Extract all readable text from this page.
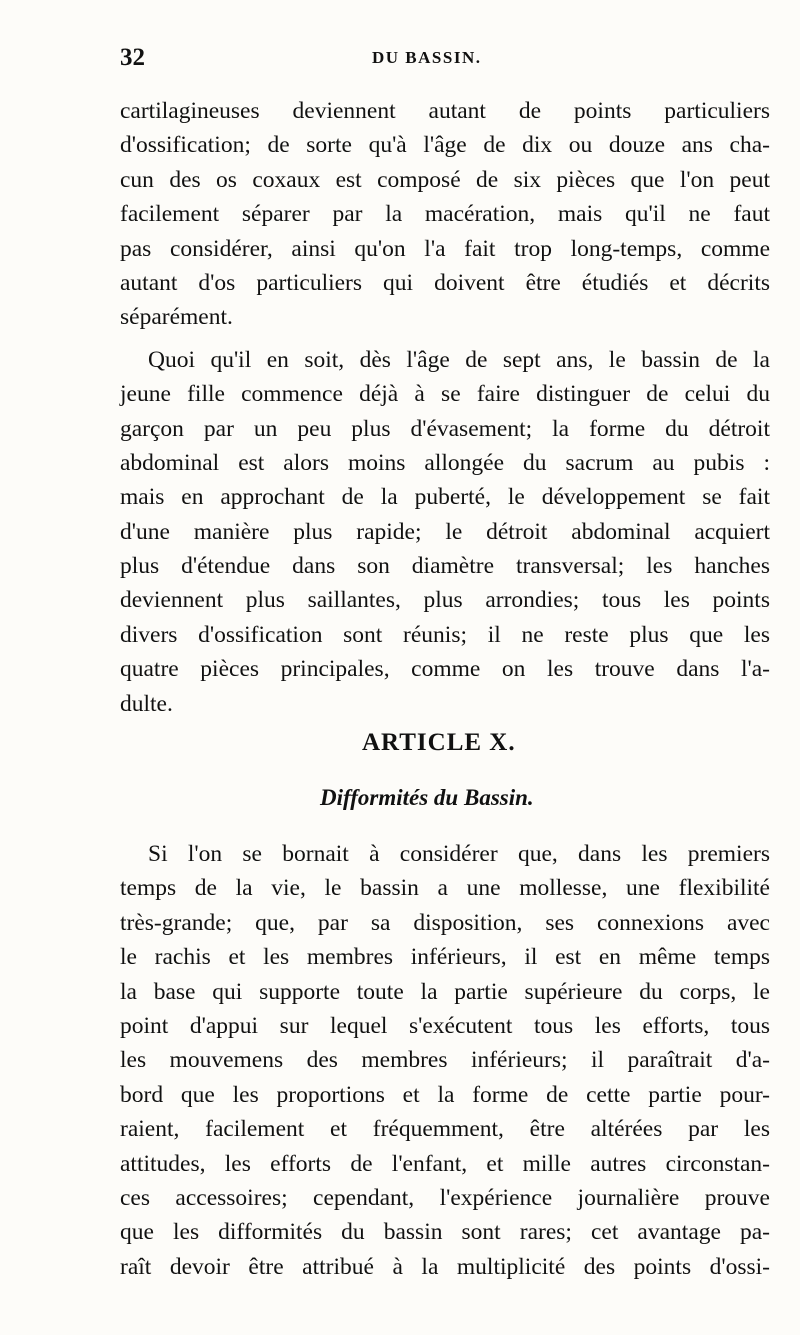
32	DU BASSIN.
cartilagineuses deviennent autant de points particuliers
d'ossification; de sorte qu'à l'âge de dix ou douze ans cha-
cun des os coxaux est composé de six pièces que l'on peut
facilement séparer par la macération, mais qu'il ne faut
pas considérer, ainsi qu'on l'a fait trop long-temps, comme
autant d'os particuliers qui doivent être étudiés et décrits
séparément.
Quoi qu'il en soit, dès l'âge de sept ans, le bassin de la
jeune fille commence déjà à se faire distinguer de celui du
garçon par un peu plus d'évasement; la forme du détroit
abdominal est alors moins allongée du sacrum au pubis :
mais en approchant de la puberté, le développement se fait
d'une manière plus rapide; le détroit abdominal acquiert
plus d'étendue dans son diamètre transversal; les hanches
deviennent plus saillantes, plus arrondies; tous les points
divers d'ossification sont réunis; il ne reste plus que les
quatre pièces principales, comme on les trouve dans l'a-
dulte.
ARTICLE X.
Difformités du Bassin.
Si l'on se bornait à considérer que, dans les premiers
temps de la vie, le bassin a une mollesse, une flexibilité
très-grande; que, par sa disposition, ses connexions avec
le rachis et les membres inférieurs, il est en même temps
la base qui supporte toute la partie supérieure du corps, le
point d'appui sur lequel s'exécutent tous les efforts, tous
les mouvemens des membres inférieurs; il paraîtrait d'a-
bord que les proportions et la forme de cette partie pour-
raient, facilement et fréquemment, être altérées par les
attitudes, les efforts de l'enfant, et mille autres circonstan-
ces accessoires; cependant, l'expérience journalière prouve
que les difformités du bassin sont rares; cet avantage pa-
raît devoir être attribué à la multiplicité des points d'ossi-
